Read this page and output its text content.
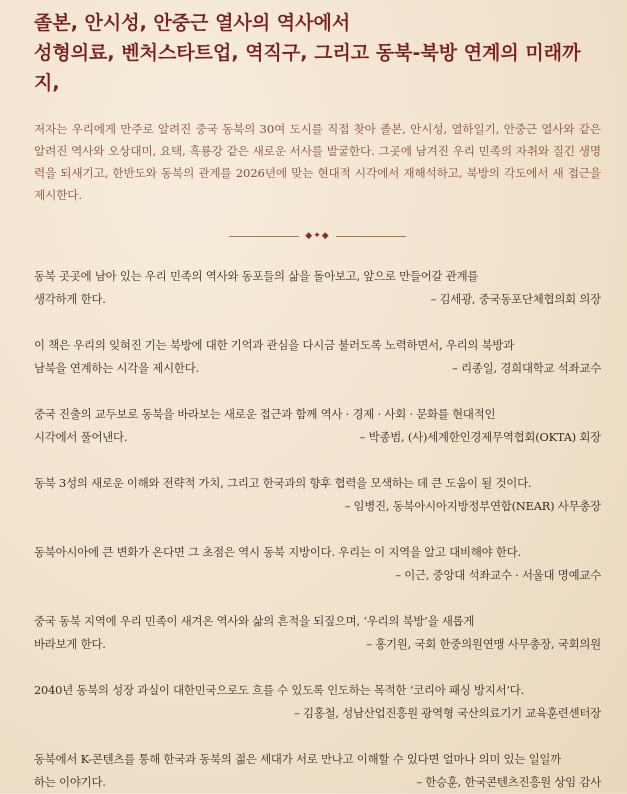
졸본, 안시성, 안중근 열사의 역사에서
성형의료, 벤처스타트업, 역직구, 그리고 동북-북방 연계의 미래까지,

저자는 우리에게 만주로 알려진 중국 동북의 30여 도시를 직접 찾아 졸본, 안시성, 열하일기, 안중근 열사와 같은 알려진 역사와 오상대미, 요택, 흑룡강 같은 새로운 서사를 발굴한다. 그곳에 남겨진 우리 민족의 자취와 질긴 생명력을 되새기고, 한반도와 동북의 관계를 2026년에 맞는 현대적 시각에서 재해석하고, 북방의 각도에서 새 접근을 제시한다.

◆✦◆

동북 곳곳에 남아 있는 우리 민족의 역사와 동포들의 삶을 돌아보고, 앞으로 만들어갈 관계를

생각하게 한다.	– 김세광, 중국동포단체협의회 의장

이 책은 우리의 잊혀진 기는 북방에 대한 기억과 관심을 다시금 불러도록 노력하면서, 우리의 북방과

남북을 연계하는 시각을 제시한다.	– 리종일, 경희대학교 석좌교수

중국 진출의 교두보로 동북을 바라보는 새로운 접근과 함께 역사 · 경제 · 사회 · 문화를 현대적인

시각에서 풀어낸다.	– 박종범, (사)세계한인경제무역협회(OKTA) 회장

동북 3성의 새로운 이해와 전략적 가치, 그리고 한국과의 향후 협력을 모색하는 데 큰 도움이 될 것이다.

– 임병진, 동북아시아지방정부연합(NEAR) 사무총장

동북아시아에 큰 변화가 온다면 그 초점은 역시 동북 지방이다. 우리는 이 지역을 알고 대비해야 한다.

– 이근, 중앙대 석좌교수 · 서울대 명예교수

중국 동북 지역에 우리 민족이 새겨온 역사와 삶의 흔적을 되짚으며, ‘우리의 북방’을 새롭게

바라보게 한다.	– 홍기원, 국회 한중의원연맹 사무총장, 국회의원

2040년 동북의 성장 과실이 대한민국으로도 흐를 수 있도록 인도하는 목적한 ‘코리아 패싱 방지서’다.

– 김홍철, 성남산업진흥원 광역형 국산의료기기 교육훈련센터장

동북에서 K-콘텐츠를 통해 한국과 동북의 젊은 세대가 서로 만나고 이해할 수 있다면 얼마나 의미 있는 일일까

하는 이야기다.	– 한승훈, 한국콘텐츠진흥원 상임 감사
